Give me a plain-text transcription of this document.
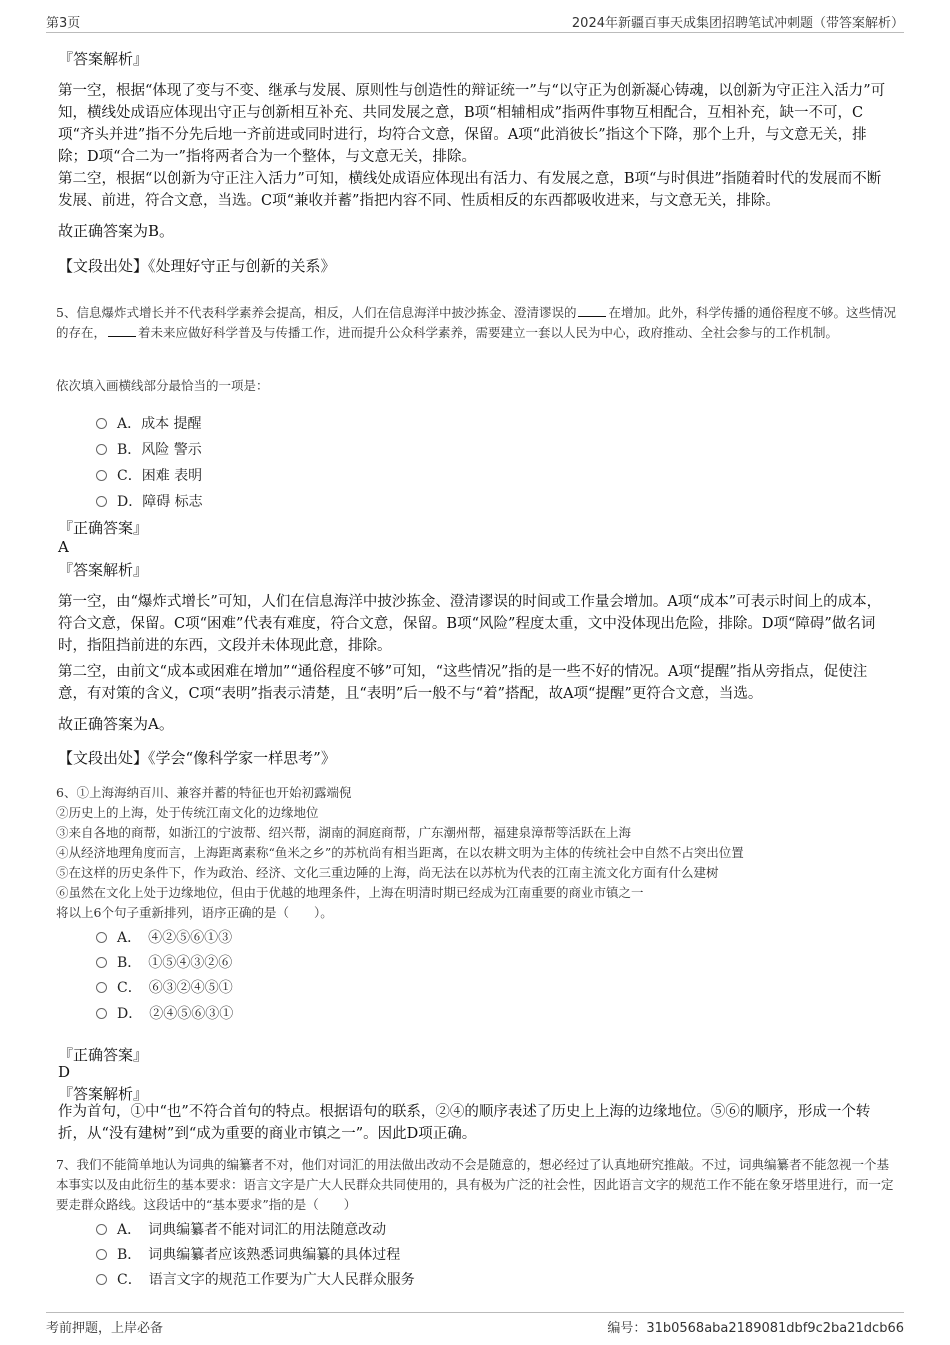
第3页	2024年新疆百事天成集团招聘笔试冲刺题（带答案解析）
『答案解析』
第一空，根据“体现了变与不变、继承与发展、原则性与创造性的辩证统一”与“以守正为创新凝心铸魂，以创新为守正注入活力”可知，横线处成语应体现出守正与创新相互补充、共同发展之意，B项“相辅相成”指两件事物互相配合，互相补充，缺一不可，C项“齐头并进”指不分先后地一齐前进或同时进行，均符合文意，保留。A项“此消彼长”指这个下降，那个上升，与文意无关，排除；D项“合二为一”指将两者合为一个整体，与文意无关，排除。
第二空，根据“以创新为守正注入活力”可知，横线处成语应体现出有活力、有发展之意，B项“与时俱进”指随着时代的发展而不断发展、前进，符合文意，当选。C项“兼收并蓄”指把内容不同、性质相反的东西都吸收进来，与文意无关，排除。
故正确答案为B。
【文段出处】《处理好守正与创新的关系》
5、信息爆炸式增长并不代表科学素养会提高，相反，人们在信息海洋中披沙拣金、澄清谬误的	在增加。此外，科学传播的通俗程度不够。这些情况的存在，	着未来应做好科学普及与传播工作，进而提升公众科学素养，需要建立一套以人民为中心，政府推动、全社会参与的工作机制。
依次填入画横线部分最恰当的一项是：
A．成本 提醒
B．风险 警示
C．困难 表明
D．障碍 标志
『正确答案』
A
『答案解析』
第一空，由“爆炸式增长”可知，人们在信息海洋中披沙拣金、澄清谬误的时间或工作量会增加。A项“成本”可表示时间上的成本，符合文意，保留。C项“困难”代表有难度，符合文意，保留。B项“风险”程度太重，文中没体现出危险，排除。D项“障碍”做名词时，指阻挡前进的东西，文段并未体现此意，排除。
第二空，由前文“成本或困难在增加”“通俗程度不够”可知，“这些情况”指的是一些不好的情况。A项“提醒”指从旁指点，促使注意，有对策的含义，C项“表明”指表示清楚，且“表明”后一般不与“着”搭配，故A项“提醒”更符合文意，当选。
故正确答案为A。
【文段出处】《学会“像科学家一样思考”》
6、①上海海纳百川、兼容并蓄的特征也开始初露端倪
②历史上的上海，处于传统江南文化的边缘地位
③来自各地的商帮，如浙江的宁波帮、绍兴帮，湖南的洞庭商帮，广东潮州帮，福建泉漳帮等活跃在上海
④从经济地理角度而言，上海距离素称“鱼米之乡”的苏杭尚有相当距离，在以农耕文明为主体的传统社会中自然不占突出位置
⑤在这样的历史条件下，作为政治、经济、文化三重边陲的上海，尚无法在以苏杭为代表的江南主流文化方面有什么建树
⑥虽然在文化上处于边缘地位，但由于优越的地理条件，上海在明清时期已经成为江南重要的商业市镇之一
将以上6个句子重新排列，语序正确的是（　　）。
A．　④②⑤⑥①③
B．　①⑤④③②⑥
C．　⑥③②④⑤①
D．　②④⑤⑥③①
『正确答案』
D
『答案解析』
作为首句，①中“也”不符合首句的特点。根据语句的联系，②④的顺序表述了历史上上海的边缘地位。⑤⑥的顺序，形成一个转折，从“没有建树”到“成为重要的商业市镇之一”。因此D项正确。
7、我们不能简单地认为词典的编纂者不对，他们对词汇的用法做出改动不会是随意的，想必经过了认真地研究推敲。不过，词典编纂者不能忽视一个基本事实以及由此衍生的基本要求：语言文字是广大人民群众共同使用的，具有极为广泛的社会性，因此语言文字的规范工作不能在象牙塔里进行，而一定要走群众路线。这段话中的“基本要求”指的是（　　）
A．　词典编纂者不能对词汇的用法随意改动
B．　词典编纂者应该熟悉词典编纂的具体过程
C．　语言文字的规范工作要为广大人民群众服务
考前押题，上岸必备	编号：31b0568aba2189081dbf9c2ba21dcb66
